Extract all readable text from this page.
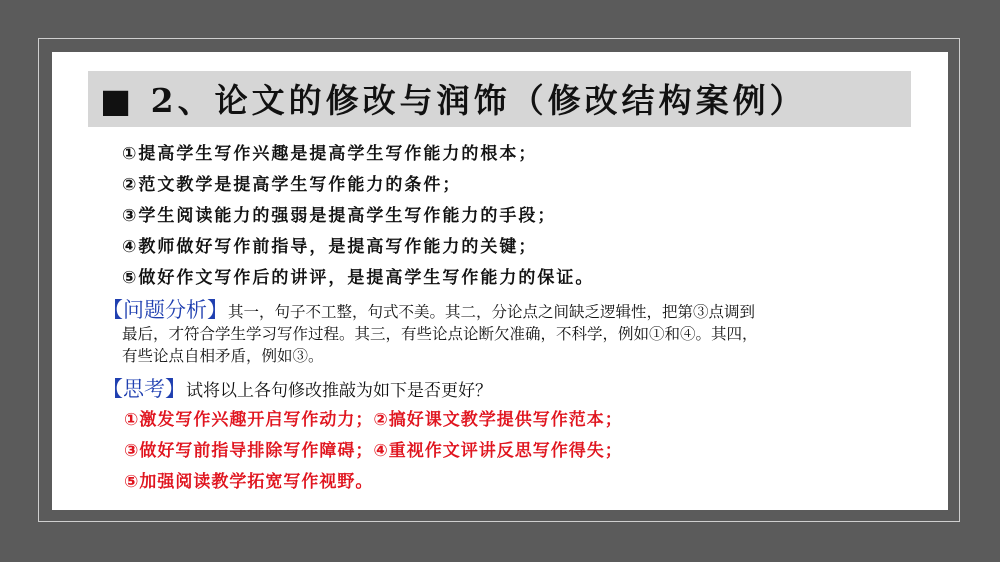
■ 2、论文的修改与润饰（修改结构案例）
①提高学生写作兴趣是提高学生写作能力的根本；
②范文教学是提高学生写作能力的条件；
③学生阅读能力的强弱是提高学生写作能力的手段；
④教师做好写作前指导，是提高写作能力的关键；
⑤做好作文写作后的讲评，是提高学生写作能力的保证。
【问题分析】其一，句子不工整，句式不美。其二，分论点之间缺乏逻辑性，把第③点调到
最后，才符合学生学习写作过程。其三，有些论点论断欠准确，不科学，例如①和④。其四，
有些论点自相矛盾，例如③。
【思考】试将以上各句修改推敲为如下是否更好？
①激发写作兴趣开启写作动力；②搞好课文教学提供写作范本；
③做好写前指导排除写作障碍；④重视作文评讲反思写作得失；
⑤加强阅读教学拓宽写作视野。
